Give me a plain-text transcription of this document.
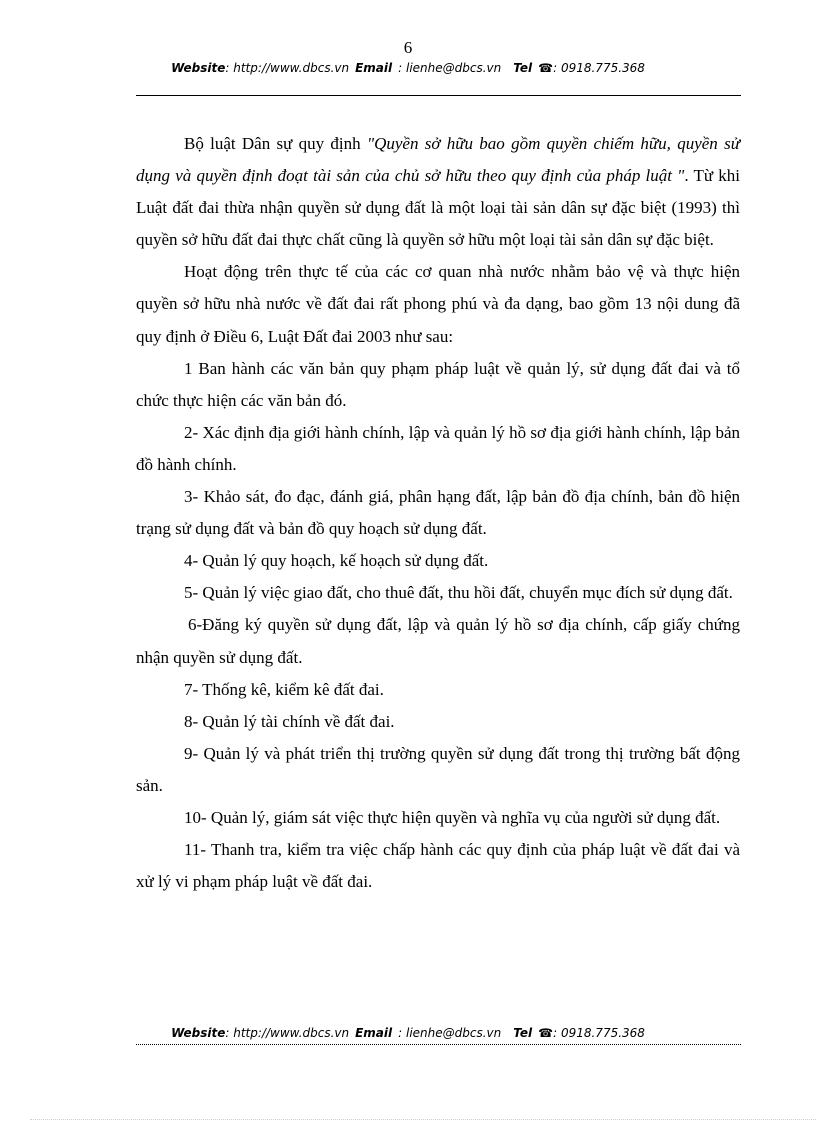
6
Website: http://www.dbcs.vn Email : lienhe@dbcs.vn Tel ☎: 0918.775.368

Bộ luật Dân sự quy định "Quyền sở hữu bao gồm quyền chiếm hữu, quyền sử dụng và quyền định đoạt tài sản của chủ sở hữu theo quy định của pháp luật ". Từ khi Luật đất đai thừa nhận quyền sử dụng đất là một loại tài sản dân sự đặc biệt (1993) thì quyền sở hữu đất đai thực chất cũng là quyền sở hữu một loại tài sản dân sự đặc biệt.

Hoạt động trên thực tế của các cơ quan nhà nước nhằm bảo vệ và thực hiện quyền sở hữu nhà nước về đất đai rất phong phú và đa dạng, bao gồm 13 nội dung đã quy định ở Điều 6, Luật Đất đai 2003 như sau:

1 Ban hành các văn bản quy phạm pháp luật về quản lý, sử dụng đất đai và tổ chức thực hiện các văn bản đó.

2- Xác định địa giới hành chính, lập và quản lý hồ sơ địa giới hành chính, lập bản đồ hành chính.

3- Khảo sát, đo đạc, đánh giá, phân hạng đất, lập bản đồ địa chính, bản đồ hiện trạng sử dụng đất và bản đồ quy hoạch sử dụng đất.

4- Quản lý quy hoạch, kế hoạch sử dụng đất.

5- Quản lý việc giao đất, cho thuê đất, thu hồi đất, chuyển mục đích sử dụng đất.

6-Đăng ký quyền sử dụng đất, lập và quản lý hồ sơ địa chính, cấp giấy chứng nhận quyền sử dụng đất.

7- Thống kê, kiểm kê đất đai.

8- Quản lý tài chính về đất đai.

9- Quản lý và phát triển thị trường quyền sử dụng đất trong thị trường bất động sản.

10- Quản lý, giám sát việc thực hiện quyền và nghĩa vụ của người sử dụng đất.

11- Thanh tra, kiểm tra việc chấp hành các quy định của pháp luật về đất đai và xử lý vi phạm pháp luật về đất đai.

Website: http://www.dbcs.vn Email : lienhe@dbcs.vn Tel ☎: 0918.775.368
